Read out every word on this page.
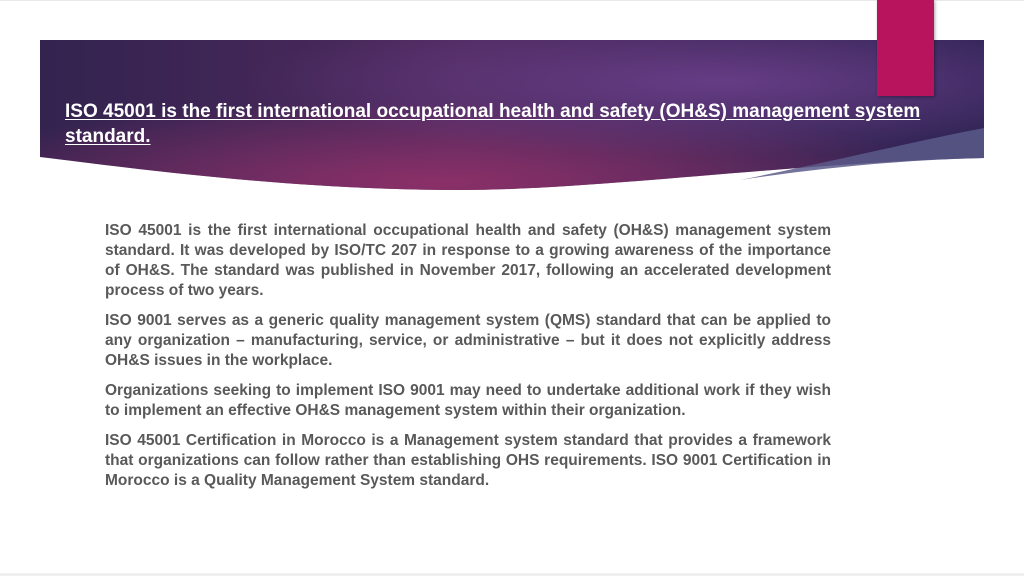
ISO 45001 is the first international occupational health and safety (OH&S) management system standard.

ISO 45001 is the first international occupational health and safety (OH&S) management system standard. It was developed by ISO/TC 207 in response to a growing awareness of the importance of OH&S. The standard was published in November 2017, following an accelerated development process of two years.

ISO 9001 serves as a generic quality management system (QMS) standard that can be applied to any organization – manufacturing, service, or administrative – but it does not explicitly address OH&S issues in the workplace.

Organizations seeking to implement ISO 9001 may need to undertake additional work if they wish to implement an effective OH&S management system within their organization.

ISO 45001 Certification in Morocco is a Management system standard that provides a framework that organizations can follow rather than establishing OHS requirements. ISO 9001 Certification in Morocco is a Quality Management System standard.
